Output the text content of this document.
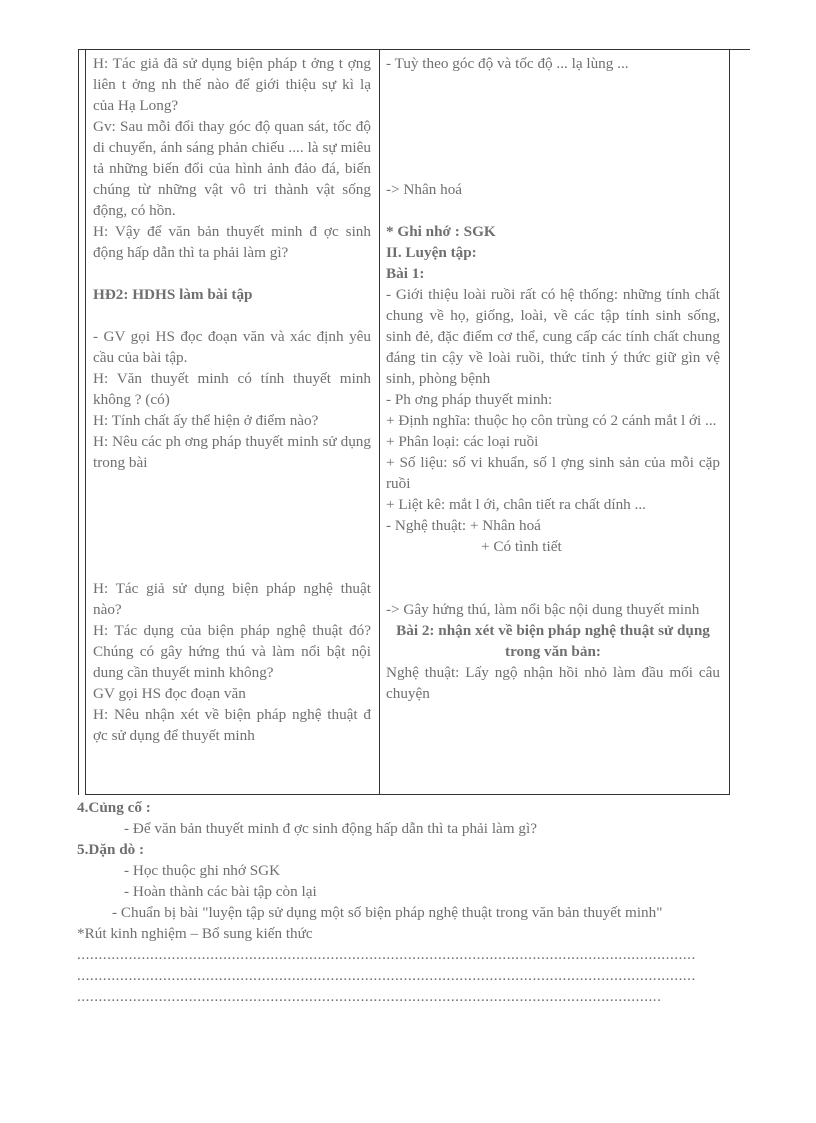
H: Tác giả đã sử dụng biện pháp t ởng t ợng liên t ởng nh thế nào để giới thiệu sự kì lạ của Hạ Long?
Gv: Sau mỗi đổi thay góc độ quan sát, tốc độ di chuyển, ánh sáng phản chiếu .... là sự miêu tả những biến đổi của hình ảnh đảo đá, biến chúng từ những vật vô tri thành vật sống động, có hồn.
H: Vậy để văn bản thuyết minh đ ợc sinh động hấp dẫn thì ta phải làm gì?
HĐ2: HDHS làm bài tập
- GV gọi HS đọc đoạn văn và xác định yêu cầu của bài tập.
H: Văn thuyết minh có tính thuyết minh không ? (có)
H: Tính chất ấy thể hiện ở điểm nào?
H: Nêu các ph ơng pháp thuyết minh sử dụng trong bài
H: Tác giả sử dụng biện pháp nghệ thuật nào?
H: Tác dụng của biện pháp nghệ thuật đó? Chúng có gây hứng thú và làm nổi bật nội dung cần thuyết minh không?
GV gọi HS đọc đoạn văn
H: Nêu nhận xét về biện pháp nghệ thuật đ ợc sử dụng để thuyết minh
- Tuỳ theo góc độ và tốc độ ... lạ lùng ...
-> Nhân hoá
* Ghi nhớ : SGK
II. Luyện tập:
Bài 1:
- Giới thiệu loài ruồi rất có hệ thống: những tính chất chung về họ, giống, loài, về các tập tính sinh sống, sinh đẻ, đặc điểm cơ thể, cung cấp các tính chất chung đáng tin cậy về loài ruồi, thức tỉnh ý thức giữ gìn vệ sinh, phòng bệnh
- Ph ơng pháp thuyết minh:
+ Định nghĩa: thuộc họ côn trùng có 2 cánh mắt l ới ...
+ Phân loại: các loại ruồi
+ Số liệu: số vi khuẩn, số l ợng sinh sản của mỗi cặp ruồi
+ Liệt kê: mắt l ới, chân tiết ra chất dính ...
- Nghệ thuật: + Nhân hoá
+ Có tình tiết
-> Gây hứng thú, làm nổi bậc nội dung thuyết minh
Bài 2: nhận xét về biện pháp nghệ thuật sử dụng trong văn bản:
Nghệ thuật: Lấy ngộ nhận hồi nhỏ làm đầu mối câu chuyện
4.Củng cố :
- Để văn bản thuyết minh đ ợc sinh động hấp dẫn thì ta phải làm gì?
5.Dặn dò :
- Học thuộc ghi nhớ SGK
- Hoàn thành các bài tập còn lại
- Chuẩn bị bài "luyện tập sử dụng một số biện pháp nghệ thuật trong văn bản thuyết minh"
*Rút kinh nghiệm – Bổ sung kiến thức
................................................................................................................................................
................................................................................................................................................
........................................................................................................................................
